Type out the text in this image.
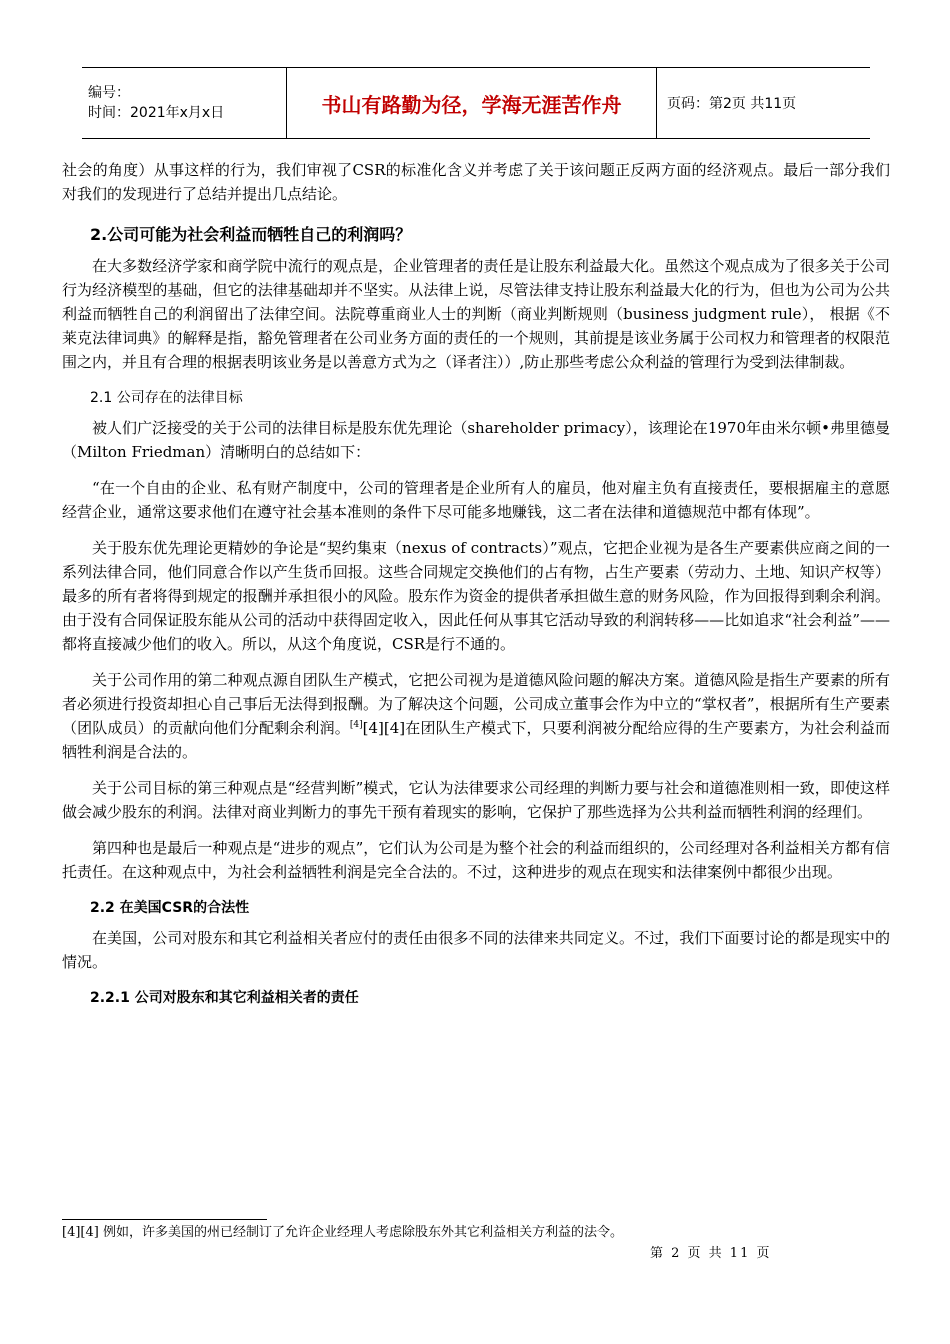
编号：
时间：2021年x月x日	书山有路勤为径，学海无涯苦作舟	页码：第2页 共11页

社会的角度）从事这样的行为，我们审视了CSR的标准化含义并考虑了关于该问题正反两方面的经济观点。最后一部分我们对我们的发现进行了总结并提出几点结论。

2.公司可能为社会利益而牺牲自己的利润吗？

在大多数经济学家和商学院中流行的观点是，企业管理者的责任是让股东利益最大化。虽然这个观点成为了很多关于公司行为经济模型的基础，但它的法律基础却并不坚实。从法律上说，尽管法律支持让股东利益最大化的行为，但也为公司为公共利益而牺牲自己的利润留出了法律空间。法院尊重商业人士的判断（商业判断规则（business judgment rule）， 根据《不莱克法律词典》的解释是指，豁免管理者在公司业务方面的责任的一个规则，其前提是该业务属于公司权力和管理者的权限范围之内，并且有合理的根据表明该业务是以善意方式为之（译者注））,防止那些考虑公众利益的管理行为受到法律制裁。

2.1 公司存在的法律目标

被人们广泛接受的关于公司的法律目标是股东优先理论（shareholder primacy），该理论在1970年由米尔顿•弗里德曼（Milton Friedman）清晰明白的总结如下：

“在一个自由的企业、私有财产制度中，公司的管理者是企业所有人的雇员，他对雇主负有直接责任，要根据雇主的意愿经营企业，通常这要求他们在遵守社会基本准则的条件下尽可能多地赚钱，这二者在法律和道德规范中都有体现”。

关于股东优先理论更精妙的争论是“契约集束（nexus of contracts）”观点，它把企业视为是各生产要素供应商之间的一系列法律合同，他们同意合作以产生货币回报。这些合同规定交换他们的占有物，占生产要素（劳动力、土地、知识产权等）最多的所有者将得到规定的报酬并承担很小的风险。股东作为资金的提供者承担做生意的财务风险，作为回报得到剩余利润。由于没有合同保证股东能从公司的活动中获得固定收入，因此任何从事其它活动导致的利润转移——比如追求“社会利益”——都将直接减少他们的收入。所以，从这个角度说，CSR是行不通的。

关于公司作用的第二种观点源自团队生产模式，它把公司视为是道德风险问题的解决方案。道德风险是指生产要素的所有者必须进行投资却担心自己事后无法得到报酬。为了解决这个问题，公司成立董事会作为中立的“掌权者”，根据所有生产要素（团队成员）的贡献向他们分配剩余利润。[4][4][4]在团队生产模式下，只要利润被分配给应得的生产要素方，为社会利益而牺牲利润是合法的。

关于公司目标的第三种观点是“经营判断”模式，它认为法律要求公司经理的判断力要与社会和道德准则相一致，即使这样做会减少股东的利润。法律对商业判断力的事先干预有着现实的影响，它保护了那些选择为公共利益而牺牲利润的经理们。

第四种也是最后一种观点是“进步的观点”，它们认为公司是为整个社会的利益而组织的，公司经理对各利益相关方都有信托责任。在这种观点中，为社会利益牺牲利润是完全合法的。不过，这种进步的观点在现实和法律案例中都很少出现。

2.2 在美国CSR的合法性

在美国，公司对股东和其它利益相关者应付的责任由很多不同的法律来共同定义。不过，我们下面要讨论的都是现实中的情况。

2.2.1 公司对股东和其它利益相关者的责任
[4][4] 例如，许多美国的州已经制订了允许企业经理人考虑除股东外其它利益相关方利益的法令。
第 2 页 共 11 页
